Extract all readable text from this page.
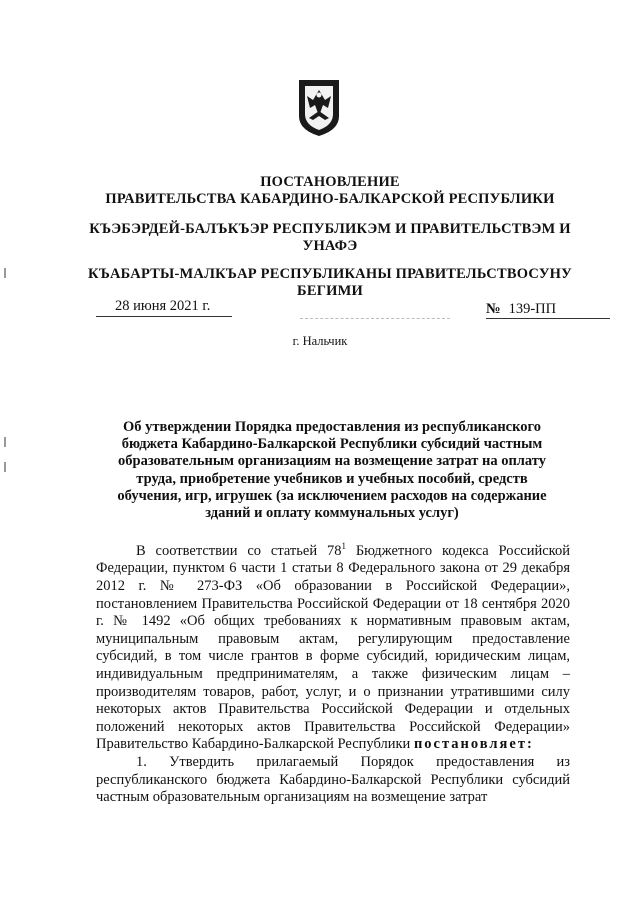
ПОСТАНОВЛЕНИЕ
ПРАВИТЕЛЬСТВА КАБАРДИНО-БАЛКАРСКОЙ РЕСПУБЛИКИ
КЪЭБЭРДЕЙ-БАЛЪКЪЭР РЕСПУБЛИКЭМ И ПРАВИТЕЛЬСТВЭМ И
УНАФЭ
КЪАБАРТЫ-МАЛКЪАР РЕСПУБЛИКАНЫ ПРАВИТЕЛЬСТВОСУНУ
БЕГИМИ
28 июня 2021 г.	№ 139-ПП
г. Нальчик
Об утверждении Порядка предоставления из республиканского
бюджета Кабардино-Балкарской Республики субсидий частным
образовательным организациям на возмещение затрат на оплату
труда, приобретение учебников и учебных пособий, средств
обучения, игр, игрушек (за исключением расходов на содержание
зданий и оплату коммунальных услуг)

В соответствии со статьей $78^1$ Бюджетного кодекса Российской Федерации, пунктом 6 части 1 статьи 8 Федерального закона от 29 декабря 2012 г. № 273-ФЗ «Об образовании в Российской Федерации», постановлением Правительства Российской Федерации от 18 сентября 2020 г. № 1492 «Об общих требованиях к нормативным правовым актам, муниципальным правовым актам, регулирующим предоставление субсидий, в том числе грантов в форме субсидий, юридическим лицам, индивидуальным предпринимателям, а также физическим лицам – производителям товаров, работ, услуг, и о признании утратившими силу некоторых актов Правительства Российской Федерации и отдельных положений некоторых актов Правительства Российской Федерации» Правительство Кабардино-Балкарской Республики постановляет:

1. Утвердить прилагаемый Порядок предоставления из республиканского бюджета Кабардино-Балкарской Республики субсидий частным образовательным организациям на возмещение затрат
